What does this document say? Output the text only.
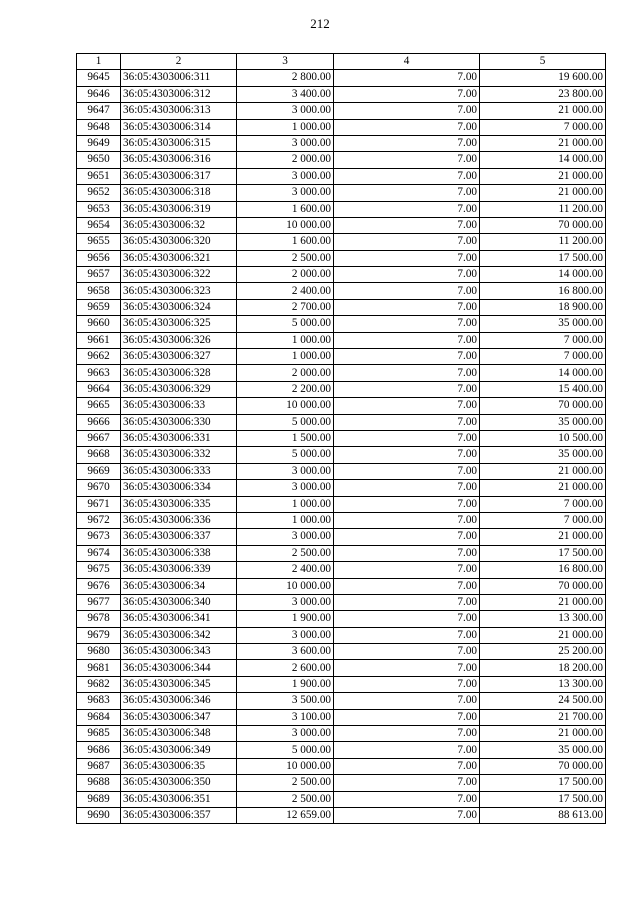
212
1	2	3	4	5
9645	36:05:4303006:311	2 800.00	7.00	19 600.00
9646	36:05:4303006:312	3 400.00	7.00	23 800.00
9647	36:05:4303006:313	3 000.00	7.00	21 000.00
9648	36:05:4303006:314	1 000.00	7.00	7 000.00
9649	36:05:4303006:315	3 000.00	7.00	21 000.00
9650	36:05:4303006:316	2 000.00	7.00	14 000.00
9651	36:05:4303006:317	3 000.00	7.00	21 000.00
9652	36:05:4303006:318	3 000.00	7.00	21 000.00
9653	36:05:4303006:319	1 600.00	7.00	11 200.00
9654	36:05:4303006:32	10 000.00	7.00	70 000.00
9655	36:05:4303006:320	1 600.00	7.00	11 200.00
9656	36:05:4303006:321	2 500.00	7.00	17 500.00
9657	36:05:4303006:322	2 000.00	7.00	14 000.00
9658	36:05:4303006:323	2 400.00	7.00	16 800.00
9659	36:05:4303006:324	2 700.00	7.00	18 900.00
9660	36:05:4303006:325	5 000.00	7.00	35 000.00
9661	36:05:4303006:326	1 000.00	7.00	7 000.00
9662	36:05:4303006:327	1 000.00	7.00	7 000.00
9663	36:05:4303006:328	2 000.00	7.00	14 000.00
9664	36:05:4303006:329	2 200.00	7.00	15 400.00
9665	36:05:4303006:33	10 000.00	7.00	70 000.00
9666	36:05:4303006:330	5 000.00	7.00	35 000.00
9667	36:05:4303006:331	1 500.00	7.00	10 500.00
9668	36:05:4303006:332	5 000.00	7.00	35 000.00
9669	36:05:4303006:333	3 000.00	7.00	21 000.00
9670	36:05:4303006:334	3 000.00	7.00	21 000.00
9671	36:05:4303006:335	1 000.00	7.00	7 000.00
9672	36:05:4303006:336	1 000.00	7.00	7 000.00
9673	36:05:4303006:337	3 000.00	7.00	21 000.00
9674	36:05:4303006:338	2 500.00	7.00	17 500.00
9675	36:05:4303006:339	2 400.00	7.00	16 800.00
9676	36:05:4303006:34	10 000.00	7.00	70 000.00
9677	36:05:4303006:340	3 000.00	7.00	21 000.00
9678	36:05:4303006:341	1 900.00	7.00	13 300.00
9679	36:05:4303006:342	3 000.00	7.00	21 000.00
9680	36:05:4303006:343	3 600.00	7.00	25 200.00
9681	36:05:4303006:344	2 600.00	7.00	18 200.00
9682	36:05:4303006:345	1 900.00	7.00	13 300.00
9683	36:05:4303006:346	3 500.00	7.00	24 500.00
9684	36:05:4303006:347	3 100.00	7.00	21 700.00
9685	36:05:4303006:348	3 000.00	7.00	21 000.00
9686	36:05:4303006:349	5 000.00	7.00	35 000.00
9687	36:05:4303006:35	10 000.00	7.00	70 000.00
9688	36:05:4303006:350	2 500.00	7.00	17 500.00
9689	36:05:4303006:351	2 500.00	7.00	17 500.00
9690	36:05:4303006:357	12 659.00	7.00	88 613.00
